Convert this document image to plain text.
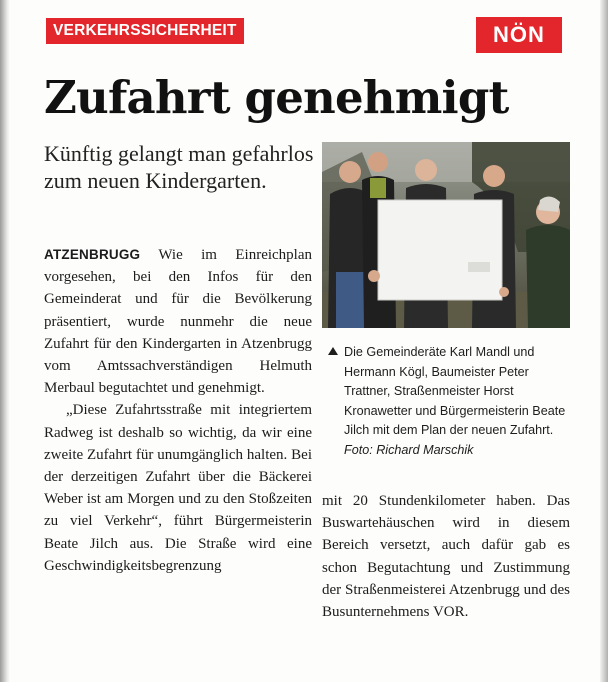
VERKEHRSSICHERHEIT	NÖN
Zufahrt genehmigt

Künftig gelangt man gefahrlos zum neuen Kindergarten.

ATZENBRUGG Wie im Einreichplan vorgesehen, bei den Infos für den Gemeinderat und für die Bevölkerung präsentiert, wurde nunmehr die neue Zufahrt für den Kindergarten in Atzenbrugg vom Amtssachverständigen Helmuth Merbaul begutachtet und genehmigt.

„Diese Zufahrtsstraße mit integriertem Radweg ist deshalb so wichtig, da wir eine zweite Zufahrt für unumgänglich halten. Bei der derzeitigen Zufahrt über die Bäckerei Weber ist am Morgen und zu den Stoßzeiten zu viel Verkehr“, führt Bürgermeisterin Beate Jilch aus. Die Straße wird eine Geschwindigkeitsbegrenzung

Die Gemeinderäte Karl Mandl und Hermann Kögl, Baumeister Peter Trattner, Straßenmeister Horst Kronawetter und Bürgermeisterin Beate Jilch mit dem Plan der neuen Zufahrt.
Foto: Richard Marschik

mit 20 Stundenkilometer haben. Das Buswartehäuschen wird in diesem Bereich versetzt, auch dafür gab es schon Begutachtung und Zustimmung der Straßenmeisterei Atzenbrugg und des Busunternehmens VOR.
